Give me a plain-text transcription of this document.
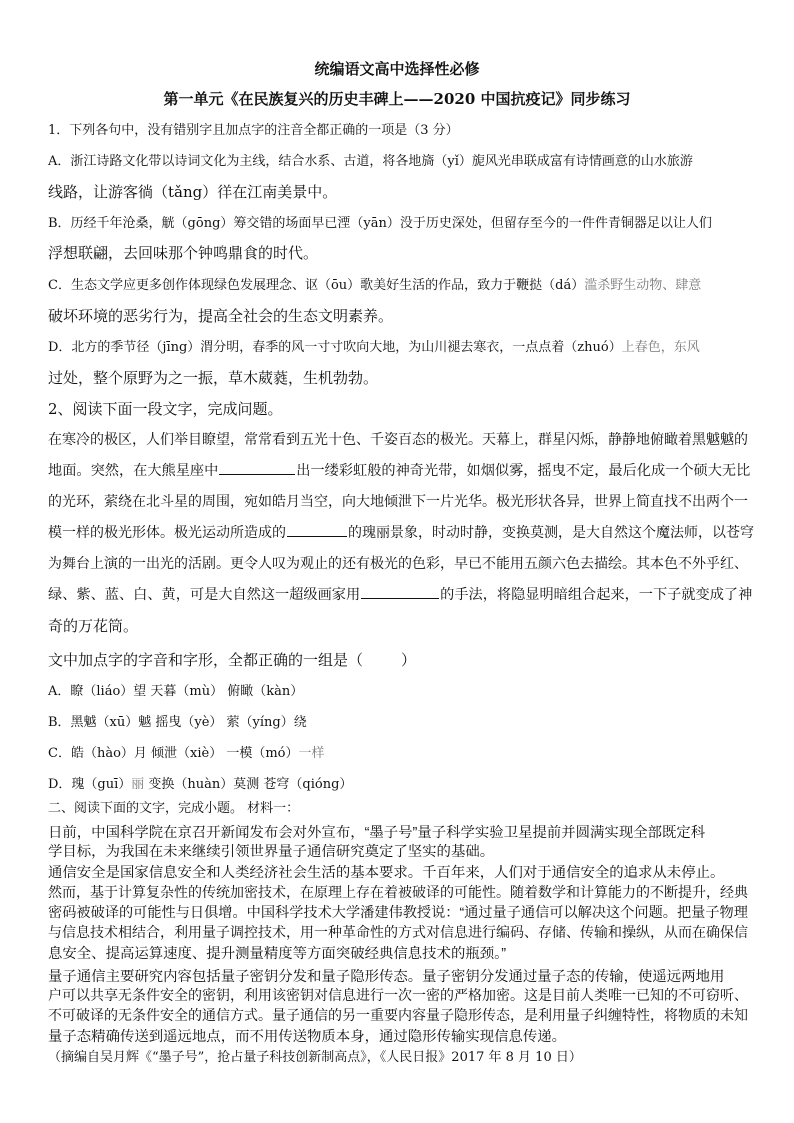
统编语文高中选择性必修
第一单元《在民族复兴的历史丰碑上——2020 中国抗疫记》同步练习
1．下列各句中，没有错别字且加点字的注音全都正确的一项是（3 分）
A．浙江诗路文化带以诗词文化为主线，结合水系、古道，将各地旖（yǐ）旎风光串联成富有诗情画意的山水旅游
线路，让游客徜（tǎng）徉在江南美景中。
B．历经千年沧桑，觥（gōng）筹交错的场面早已湮（yān）没于历史深处，但留存至今的一件件青铜器足以让人们
浮想联翩，去回味那个钟鸣鼎食的时代。
C．生态文学应更多创作体现绿色发展理念、讴（ōu）歌美好生活的作品，致力于鞭挞（dá）滥杀野生动物、肆意
破坏环境的恶劣行为，提高全社会的生态文明素养。
D．北方的季节径（jīng）渭分明，春季的风一寸寸吹向大地，为山川褪去寒衣，一点点着（zhuó）上春色，东风
过处，整个原野为之一振，草木葳蕤，生机勃勃。
2、阅读下面一段文字，完成问题。
在寒冷的极区，人们举目瞭望，常常看到五光十色、千姿百态的极光。天幕上，群星闪烁，静静地俯瞰着黑魆魆的
地面。突然，在大熊星座中	出一缕彩虹般的神奇光带，如烟似雾，摇曳不定，最后化成一个硕大无比
的光环，萦绕在北斗星的周围，宛如皓月当空，向大地倾泄下一片光华。极光形状各异，世界上简直找不出两个一
模一样的极光形体。极光运动所造成的	的瑰丽景象，时动时静，变换莫测，是大自然这个魔法师，以苍穹
为舞台上演的一出光的活剧。更令人叹为观止的还有极光的色彩，早已不能用五颜六色去描绘。其本色不外乎红、
绿、紫、蓝、白、黄，可是大自然这一超级画家用	的手法，将隐显明暗组合起来，一下子就变成了神
奇的万花筒。
文中加点字的字音和字形，全都正确的一组是（	）
A．瞭（liáo）望 天暮（mù） 俯瞰（kàn）
B．黑魆（xū）魆 摇曳（yè） 萦（yíng）绕
C．皓（hào）月 倾泄（xiè） 一模（mó）一样
D．瑰（guī）丽 变换（huàn）莫测 苍穹（qióng）
二、阅读下面的文字，完成小题。 材料一：
日前，中国科学院在京召开新闻发布会对外宣布，“墨子号”量子科学实验卫星提前并圆满实现全部既定科
学目标，为我国在未来继续引领世界量子通信研究奠定了坚实的基础。
通信安全是国家信息安全和人类经济社会生活的基本要求。千百年来，人们对于通信安全的追求从未停止。
然而，基于计算复杂性的传统加密技术，在原理上存在着被破译的可能性。随着数学和计算能力的不断提升，经典
密码被破译的可能性与日俱增。中国科学技术大学潘建伟教授说：“通过量子通信可以解决这个问题。把量子物理
与信息技术相结合，利用量子调控技术，用一种革命性的方式对信息进行编码、存储、传输和操纵，从而在确保信
息安全、提高运算速度、提升测量精度等方面突破经典信息技术的瓶颈。”
量子通信主要研究内容包括量子密钥分发和量子隐形传态。量子密钥分发通过量子态的传输，使遥远两地用
户可以共享无条件安全的密钥，利用该密钥对信息进行一次一密的严格加密。这是目前人类唯一已知的不可窃听、
不可破译的无条件安全的通信方式。量子通信的另一重要内容量子隐形传态，是利用量子纠缠特性，将物质的未知
量子态精确传送到遥远地点，而不用传送物质本身，通过隐形传输实现信息传递。
（摘编自吴月辉《“墨子号”，抢占量子科技创新制高点》，《人民日报》2017 年 8 月 10 日）
